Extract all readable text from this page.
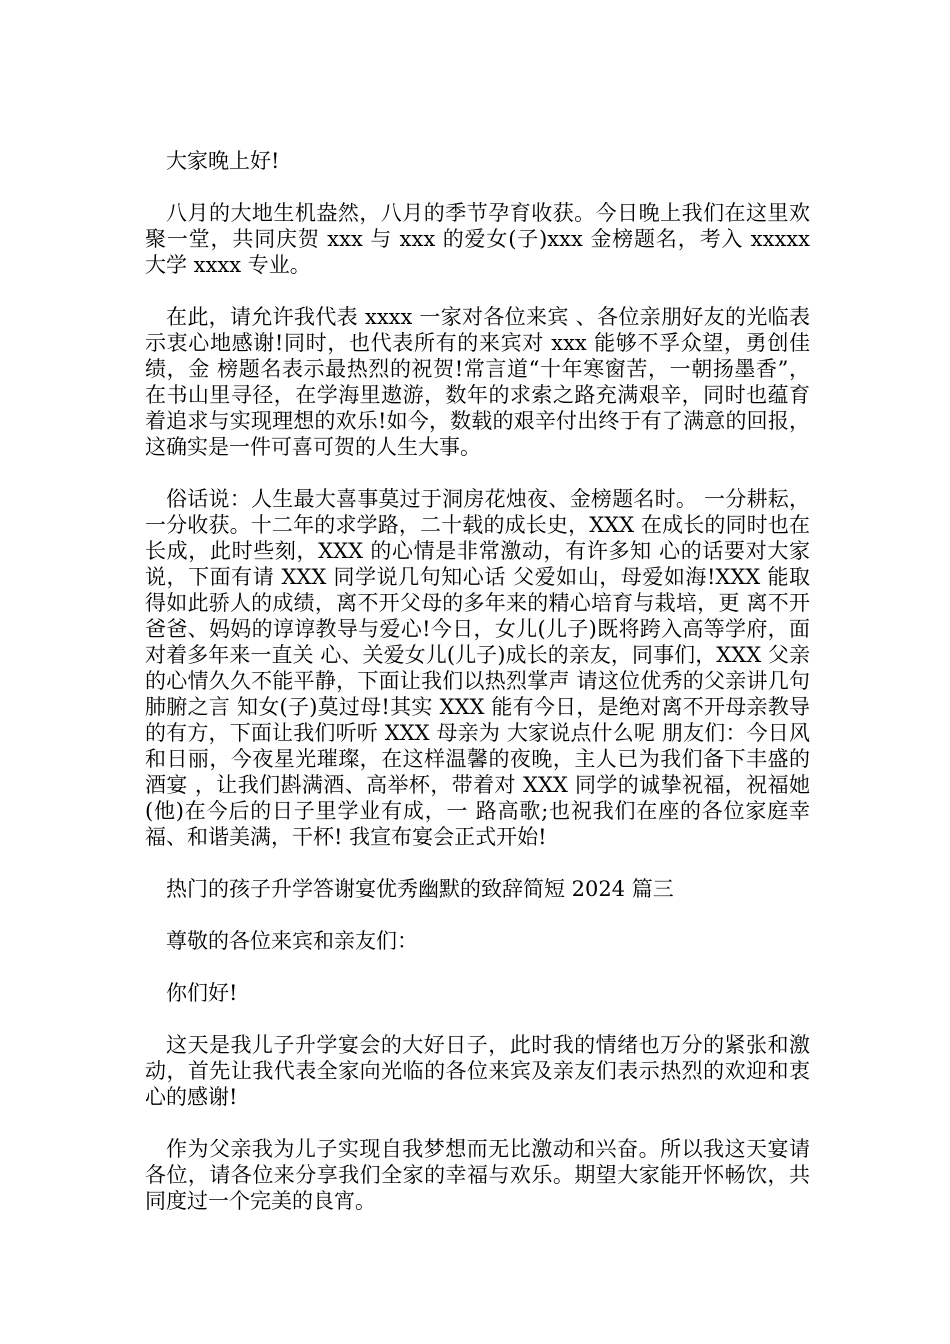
大家晚上好!

八月的大地生机盎然，八月的季节孕育收获。今日晚上我们在这里欢聚一堂，共同庆贺 xxx 与 xxx 的爱女(子)xxx 金榜题名，考入 xxxxx 大学 xxxx 专业。

在此，请允许我代表 xxxx 一家对各位来宾 、各位亲朋好友的光临表示衷心地感谢!同时，也代表所有的来宾对 xxx 能够不孚众望，勇创佳绩，金 榜题名表示最热烈的祝贺!常言道“十年寒窗苦，一朝扬墨香”，在书山里寻径，在学海里遨游，数年的求索之路充满艰辛，同时也蕴育着追求与实现理想的欢乐!如今，数载的艰辛付出终于有了满意的回报，这确实是一件可喜可贺的人生大事。

俗话说：人生最大喜事莫过于洞房花烛夜、金榜题名时。 一分耕耘，一分收获。十二年的求学路，二十载的成长史，XXX 在成长的同时也在长成，此时些刻，XXX 的心情是非常激动，有许多知 心的话要对大家说，下面有请 XXX 同学说几句知心话 父爱如山，母爱如海!XXX 能取得如此骄人的成绩，离不开父母的多年来的精心培育与栽培，更 离不开爸爸、妈妈的谆谆教导与爱心!今日，女儿(儿子)既将跨入高等学府，面对着多年来一直关 心、关爱女儿(儿子)成长的亲友，同事们，XXX 父亲的心情久久不能平静，下面让我们以热烈掌声 请这位优秀的父亲讲几句肺腑之言 知女(子)莫过母!其实 XXX 能有今日，是绝对离不开母亲教导的有方，下面让我们听听 XXX 母亲为 大家说点什么呢 朋友们：今日风和日丽，今夜星光璀璨，在这样温馨的夜晚，主人已为我们备下丰盛的酒宴 ，让我们斟满酒、高举杯，带着对 XXX 同学的诚挚祝福，祝福她(他)在今后的日子里学业有成，一 路高歌;也祝我们在座的各位家庭幸福、和谐美满，干杯! 我宣布宴会正式开始!

热门的孩子升学答谢宴优秀幽默的致辞简短 2024 篇三

尊敬的各位来宾和亲友们：

你们好!

这天是我儿子升学宴会的大好日子，此时我的情绪也万分的紧张和激动，首先让我代表全家向光临的各位来宾及亲友们表示热烈的欢迎和衷心的感谢!

作为父亲我为儿子实现自我梦想而无比激动和兴奋。所以我这天宴请各位，请各位来分享我们全家的幸福与欢乐。期望大家能开怀畅饮，共同度过一个完美的良宵。
